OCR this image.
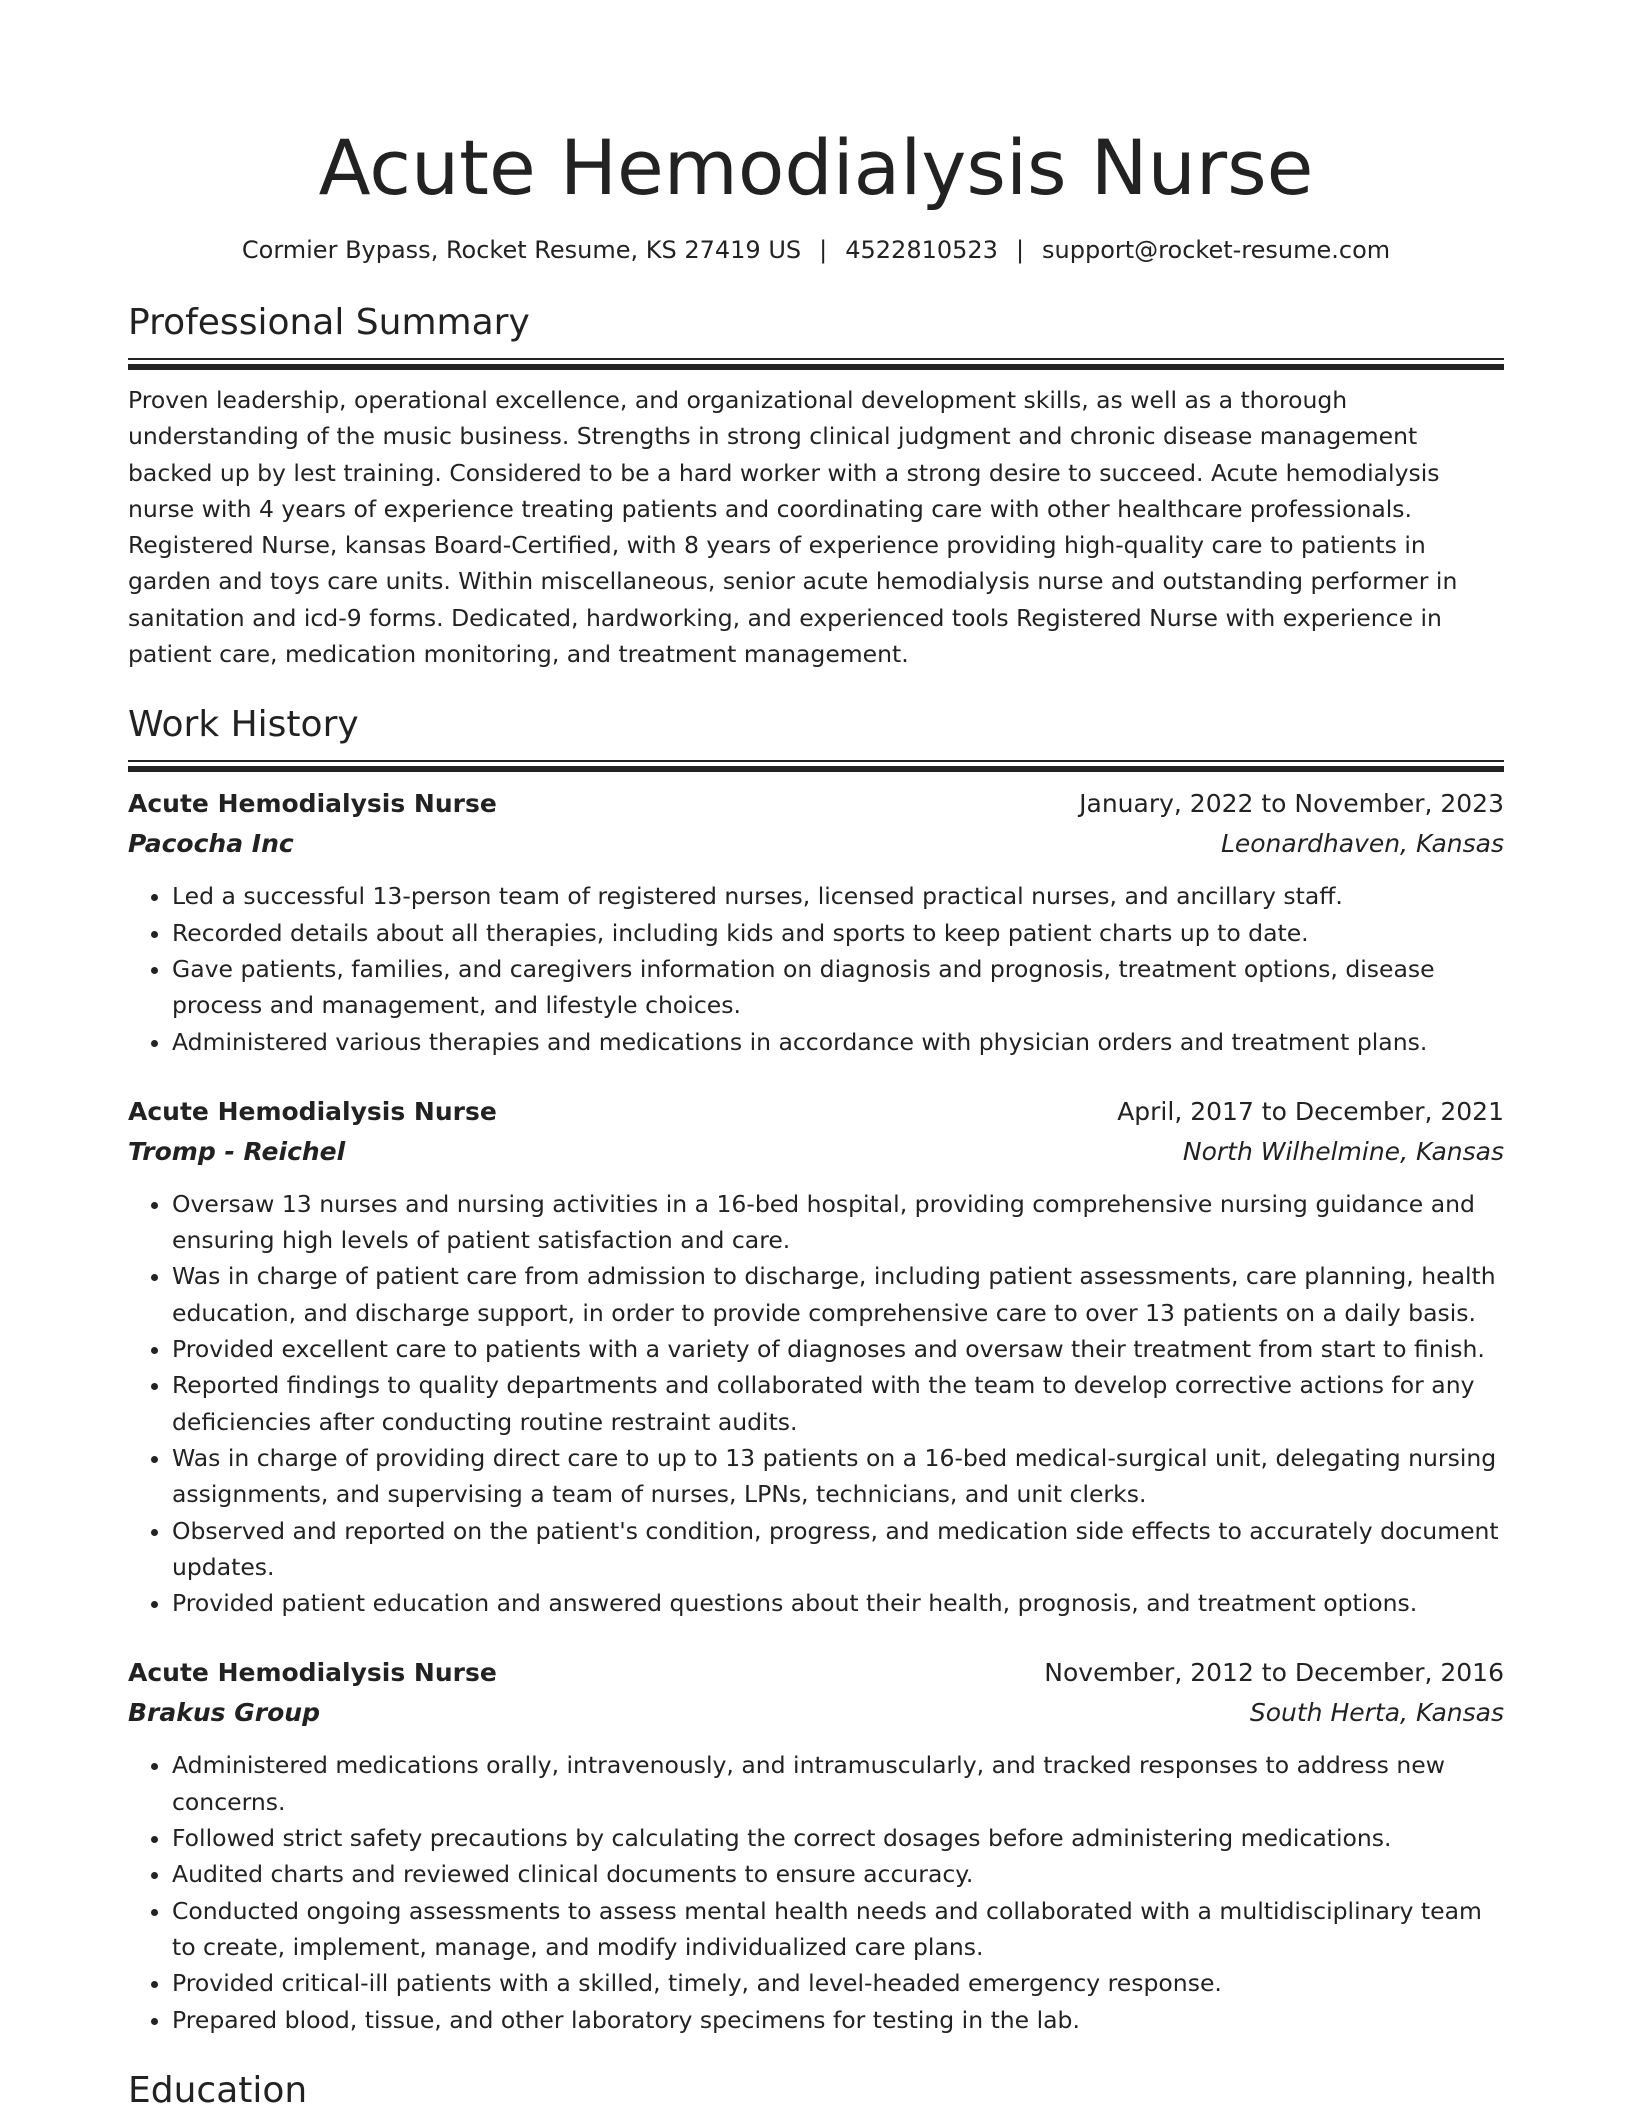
Acute Hemodialysis Nurse
Cormier Bypass, Rocket Resume, KS 27419 US | 4522810523 | support@rocket-resume.com
Professional Summary

Proven leadership, operational excellence, and organizational development skills, as well as a thorough understanding of the music business. Strengths in strong clinical judgment and chronic disease management backed up by lest training. Considered to be a hard worker with a strong desire to succeed. Acute hemodialysis nurse with 4 years of experience treating patients and coordinating care with other healthcare professionals. Registered Nurse, kansas Board-Certified, with 8 years of experience providing high-quality care to patients in garden and toys care units. Within miscellaneous, senior acute hemodialysis nurse and outstanding performer in sanitation and icd-9 forms. Dedicated, hardworking, and experienced tools Registered Nurse with experience in patient care, medication monitoring, and treatment management.

Work History
Acute Hemodialysis Nurse	January, 2022 to November, 2023
Pacocha Inc	Leonardhaven, Kansas
• Led a successful 13-person team of registered nurses, licensed practical nurses, and ancillary staff.
• Recorded details about all therapies, including kids and sports to keep patient charts up to date.
• Gave patients, families, and caregivers information on diagnosis and prognosis, treatment options, disease process and management, and lifestyle choices.
• Administered various therapies and medications in accordance with physician orders and treatment plans.
Acute Hemodialysis Nurse	April, 2017 to December, 2021
Tromp - Reichel	North Wilhelmine, Kansas
• Oversaw 13 nurses and nursing activities in a 16-bed hospital, providing comprehensive nursing guidance and ensuring high levels of patient satisfaction and care.
• Was in charge of patient care from admission to discharge, including patient assessments, care planning, health education, and discharge support, in order to provide comprehensive care to over 13 patients on a daily basis.
• Provided excellent care to patients with a variety of diagnoses and oversaw their treatment from start to finish.
• Reported findings to quality departments and collaborated with the team to develop corrective actions for any deficiencies after conducting routine restraint audits.
• Was in charge of providing direct care to up to 13 patients on a 16-bed medical-surgical unit, delegating nursing assignments, and supervising a team of nurses, LPNs, technicians, and unit clerks.
• Observed and reported on the patient's condition, progress, and medication side effects to accurately document updates.
• Provided patient education and answered questions about their health, prognosis, and treatment options.
Acute Hemodialysis Nurse	November, 2012 to December, 2016
Brakus Group	South Herta, Kansas
• Administered medications orally, intravenously, and intramuscularly, and tracked responses to address new concerns.
• Followed strict safety precautions by calculating the correct dosages before administering medications.
• Audited charts and reviewed clinical documents to ensure accuracy.
• Conducted ongoing assessments to assess mental health needs and collaborated with a multidisciplinary team to create, implement, manage, and modify individualized care plans.
• Provided critical-ill patients with a skilled, timely, and level-headed emergency response.
• Prepared blood, tissue, and other laboratory specimens for testing in the lab.
Education
